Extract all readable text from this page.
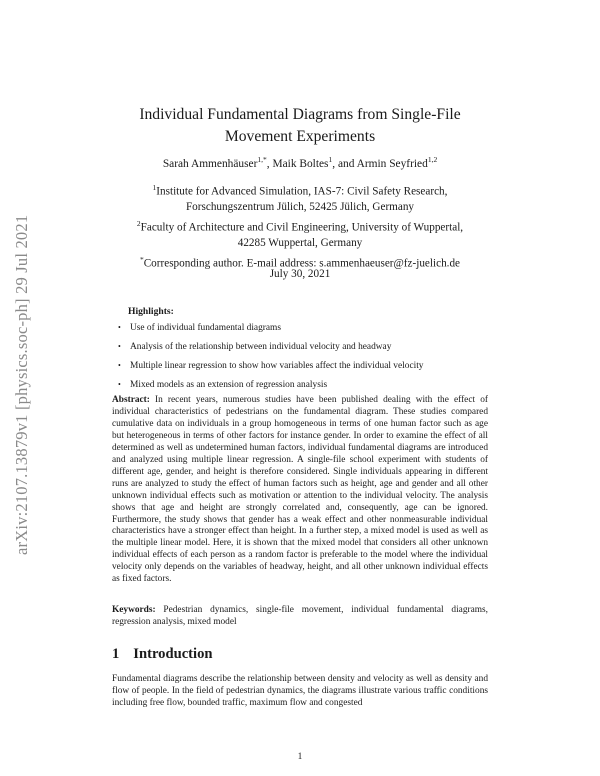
arXiv:2107.13879v1 [physics.soc-ph] 29 Jul 2021
Individual Fundamental Diagrams from Single-File
Movement Experiments
Sarah Ammenhäuser$^{1,*}$, Maik Boltes$^1$, and Armin Seyfried$^{1,2}$
$^1$Institute for Advanced Simulation, IAS-7: Civil Safety Research,
Forschungszentrum Jülich, 52425 Jülich, Germany
$^2$Faculty of Architecture and Civil Engineering, University of Wuppertal,
42285 Wuppertal, Germany
*Corresponding author. E-mail address: s.ammenhaeuser@fz-juelich.de
July 30, 2021
Highlights:
• Use of individual fundamental diagrams
• Analysis of the relationship between individual velocity and headway
• Multiple linear regression to show how variables affect the individual velocity
• Mixed models as an extension of regression analysis
Abstract: In recent years, numerous studies have been published dealing with the effect of individual characteristics of pedestrians on the fundamental diagram. These studies compared cumulative data on individuals in a group homogeneous in terms of one human factor such as age but heterogeneous in terms of other factors for instance gender. In order to examine the effect of all determined as well as undetermined human factors, individual fundamental diagrams are introduced and analyzed using multiple linear regression. A single-file school experiment with students of different age, gender, and height is therefore considered. Single individuals appearing in different runs are analyzed to study the effect of human factors such as height, age and gender and all other unknown individual effects such as motivation or attention to the individual velocity. The analysis shows that age and height are strongly correlated and, consequently, age can be ignored. Furthermore, the study shows that gender has a weak effect and other nonmeasurable individual characteristics have a stronger effect than height. In a further step, a mixed model is used as well as the multiple linear model. Here, it is shown that the mixed model that considers all other unknown individual effects of each person as a random factor is preferable to the model where the individual velocity only depends on the variables of headway, height, and all other unknown individual effects as fixed factors.
Keywords: Pedestrian dynamics, single-file movement, individual fundamental diagrams, regression analysis, mixed model
1 Introduction
Fundamental diagrams describe the relationship between density and velocity as well as density and flow of people. In the field of pedestrian dynamics, the diagrams illustrate various traffic conditions including free flow, bounded traffic, maximum flow and congested
1
